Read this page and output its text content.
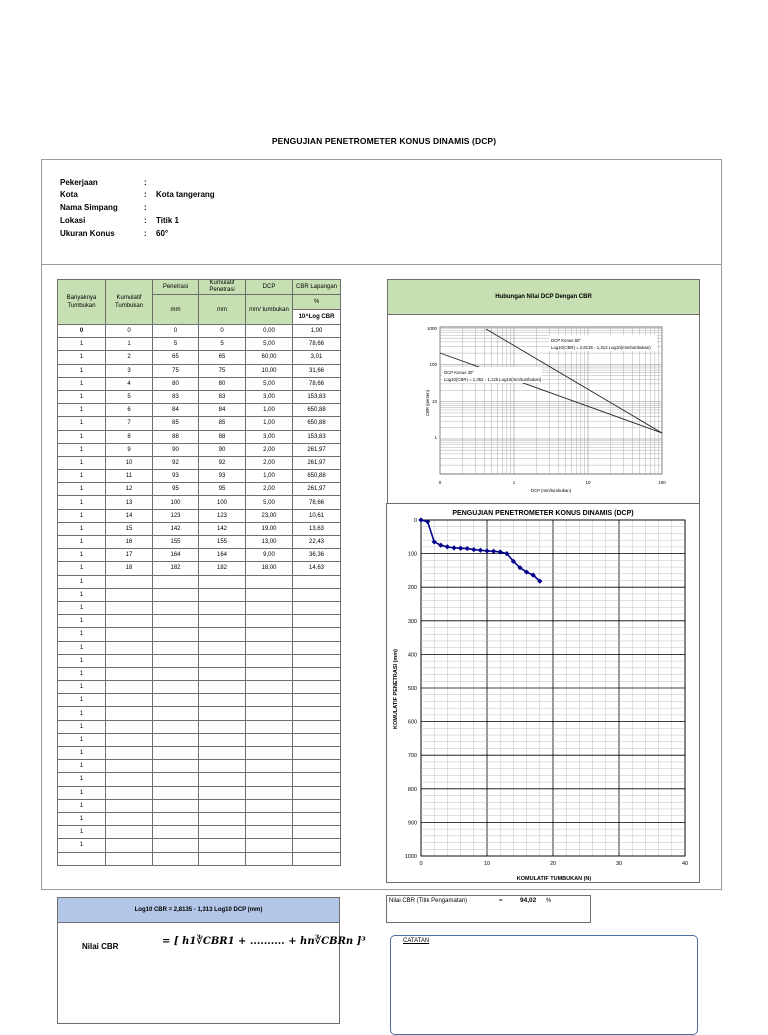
PENGUJIAN PENETROMETER KONUS DINAMIS (DCP)
Pekerjaan	:
Kota	:	Kota tangerang
Nama Simpang	:
Lokasi	:	Titik 1
Ukuran Konus	:	60°
Banyaknya Tumbukan	Kumulatif Tumbukan	Penetrasi	Kumulatif Penetrasi	DCP	CBR Lapangan
		mm	mm	mm/ tumbukan	%
					10^Log CBR
0	0	0	0	0,00	1,00
1	1	5	5	5,00	78,66
1	2	65	65	60,00	3,01
1	3	75	75	10,00	31,66
1	4	80	80	5,00	78,66
1	5	83	83	3,00	153,83
1	6	84	84	1,00	650,88
1	7	85	85	1,00	650,88
1	8	88	88	3,00	153,83
1	9	90	90	2,00	261,97
1	10	92	92	2,00	261,97
1	11	93	93	1,00	650,88
1	12	95	95	2,00	261,97
1	13	100	100	5,00	78,66
1	14	123	123	23,00	10,61
1	15	142	142	19,00	13,63
1	16	155	155	13,00	22,43
1	17	164	164	9,00	36,36
1	18	182	182	18,00	14,63
1					
1					
1					
1					
1					
1					
1					
1					
1					
1					
1					
1					
1					
1					
1					
1					
1					
1					
1					
1					
1					

Hubungan Nilai DCP Dengan CBR
DCP Konus 60°
Log10(CBR) = 2,8135 - 1,313 Log10(mm/tumbukan)
DCP Konus 30°
Log10(CBR) = 1,352 - 1,125 Log10(mm/tumbukan)
1000
100
10
1
0	1	10	100
DCP (mm/tumbukan)
CBR (persen)
PENGUJIAN PENETROMETER KONUS DINAMIS (DCP)
0
100
200
300
400
500
600
700
800
900
1000
0	10	20	30	40
KOMULATIF TUMBUKAN (N)
KOMULATIF PENETRASI (mm)
Log10 CBR = 2,8135 - 1,313 Log10 DCP (mm)
Nilai CBR	= [ h1∛CBR1 + .......... + hn∛CBRn ]³
Nilai CBR (Titik Pengamatan)	=	94,02 %
CATATAN
